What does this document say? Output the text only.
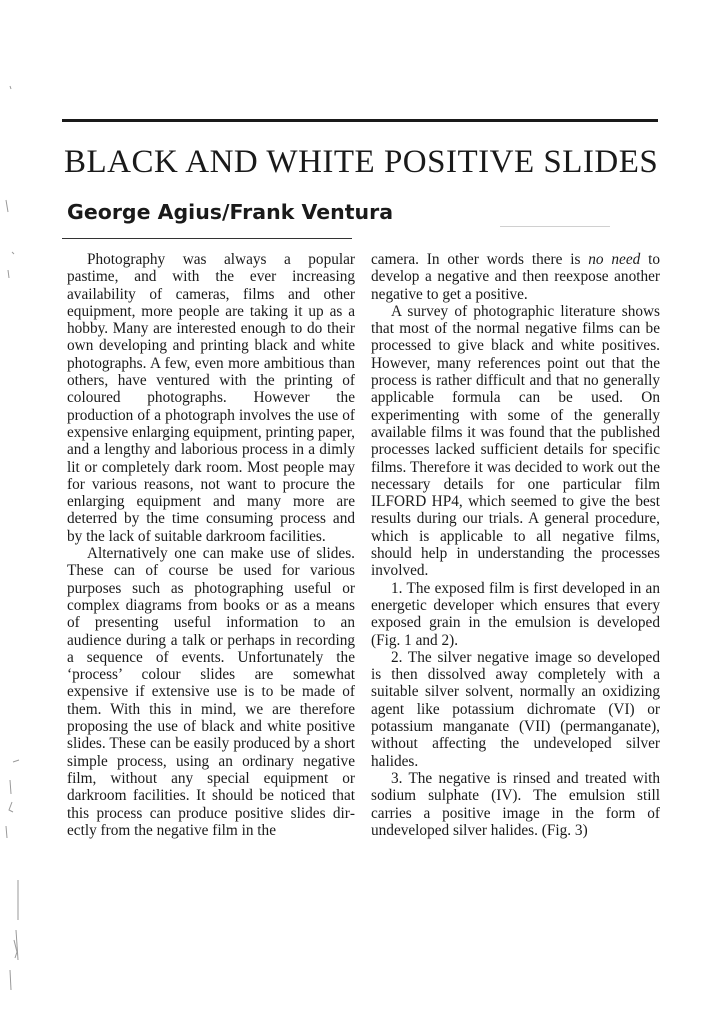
BLACK AND WHITE POSITIVE SLIDES
George Agius/Frank Ventura

Photography was always a popular pastime, and with the ever increasing availability of cameras, films and other equipment, more people are taking it up as a hobby. Many are interested enough to do their own developing and printing black and white photographs. A few, even more ambitious than others, have ventured with the printing of coloured photographs. However the production of a photograph involves the use of expensive enlarging equipment, printing paper, and a lengthy and laborious process in a dimly lit or completely dark room. Most people may for various reasons, not want to procure the enlarging equipment and many more are deterred by the time consuming process and by the lack of suitable darkroom facilities.

Alternatively one can make use of slides. These can of course be used for various purposes such as photographing useful or complex diagrams from books or as a means of presenting useful information to an audience during a talk or perhaps in recording a sequence of events. Unfortunately the ‘process’ colour slides are somewhat expensive if extensive use is to be made of them. With this in mind, we are therefore proposing the use of black and white positive slides. These can be easily produced by a short simple process, using an ordinary negative film, without any special equipment or darkroom facilities. It should be noticed that this process can produce positive slides directly from the negative film in the

camera. In other words there is no need to develop a negative and then reexpose another negative to get a positive.

A survey of photographic literature shows that most of the normal negative films can be processed to give black and white positives. However, many references point out that the process is rather difficult and that no generally applicable formula can be used. On experimenting with some of the generally available films it was found that the published processes lacked sufficient details for specific films. Therefore it was decided to work out the necessary details for one particular film ILFORD HP4, which seemed to give the best results during our trials. A general procedure, which is applicable to all negative films, should help in understanding the processes involved.

1. The exposed film is first developed in an energetic developer which ensures that every exposed grain in the emulsion is developed (Fig. 1 and 2).

2. The silver negative image so developed is then dissolved away completely with a suitable silver solvent, normally an oxidizing agent like potassium dichromate (VI) or potassium manganate (VII) (permanganate), without affecting the undeveloped silver halides.

3. The negative is rinsed and treated with sodium sulphate (IV). The emulsion still carries a positive image in the form of undeveloped silver halides. (Fig. 3)
